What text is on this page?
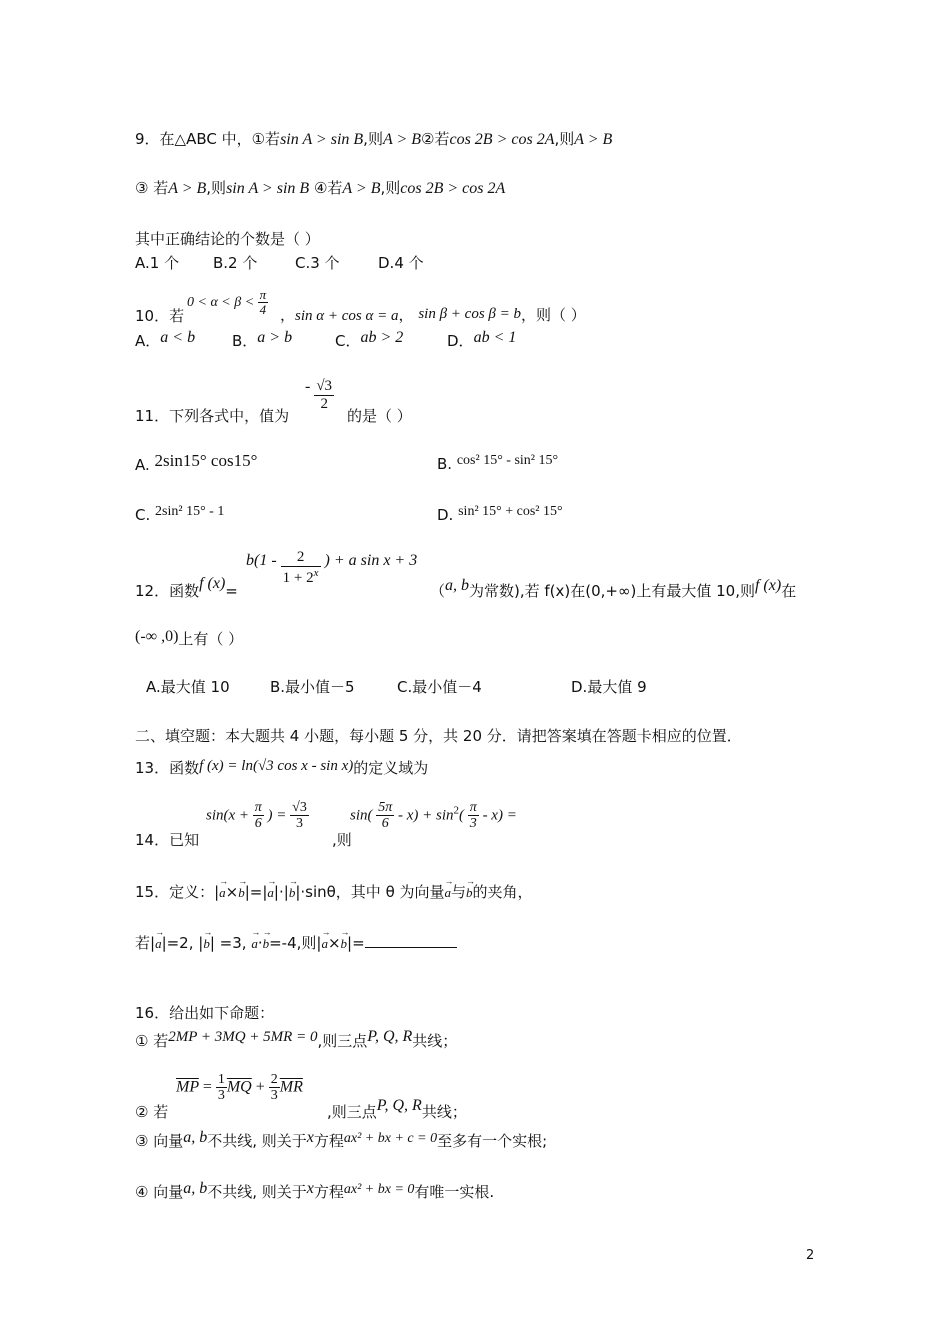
9．在△ABC 中，①若sin A > sin B,则A > B②若cos 2B > cos 2A,则A > B
③ 若A > B,则sin A > sin B ④若A > B,则cos 2B > cos 2A
其中正确结论的个数是（ ）
A.1 个 B.2 个	C.3 个	D.4 个
10．若
$0 < \alpha < \beta < \frac{\pi}{4}$ ，sin α + cos α = a， sin β + cos β = b，则（ ）
A．a < b B．a > b	C．ab > 2	D．ab < 1
11．下列各式中，值为
- $\frac{√3}{2}$
的是（ ）
A. 2sin15° cos15°	B. cos² 15° - sin² 15°
C. 2sin² 15° - 1	D. sin² 15° + cos² 15°
12．函数f (x)=
$b(1 - \frac{2}{1 + 2^x}$ ) + a sin x + 3
（a, b为常数),若 f(x)在(0,+∞)上有最大值 10,则f (x)在
(-∞ ,0)上有（ ）
A.最大值 10	B.最小值－5	C.最小值－4	D.最大值 9
二、填空题：本大题共 4 小题，每小题 5 分，共 20 分．请把答案填在答题卡相应的位置．
13．函数f (x) = ln(√3 cos x - sin x)的定义域为
14．已知
$\sin(x + \frac{\pi}{6}$ ) = $\frac{√3}{3}$
,则
$\sin( \frac{5\pi}{6} - x) + \sin^2( \frac{\pi}{3} - x)$ =
15．定义：|→ a×→ b|=|→ a|·|→ b|·sinθ，其中 θ 为向量→ a与→ b的夹角，
若|→ a|=2, |→ b| =3, → a·→ b=-4,则|→ a×→ b|=
16．给出如下命题：
① 若2MP + 3MQ + 5MR = 0,则三点P, Q, R共线；
② 若
$\overline{MP} = \frac{1}{3} \overline{MQ} + \frac{2}{3} \overline{MR}$
,则三点P, Q, R共线；
③ 向量a, b不共线, 则关于x方程ax² + bx + c = 0至多有一个实根;
④ 向量a, b不共线, 则关于x方程ax² + bx = 0有唯一实根.
2
